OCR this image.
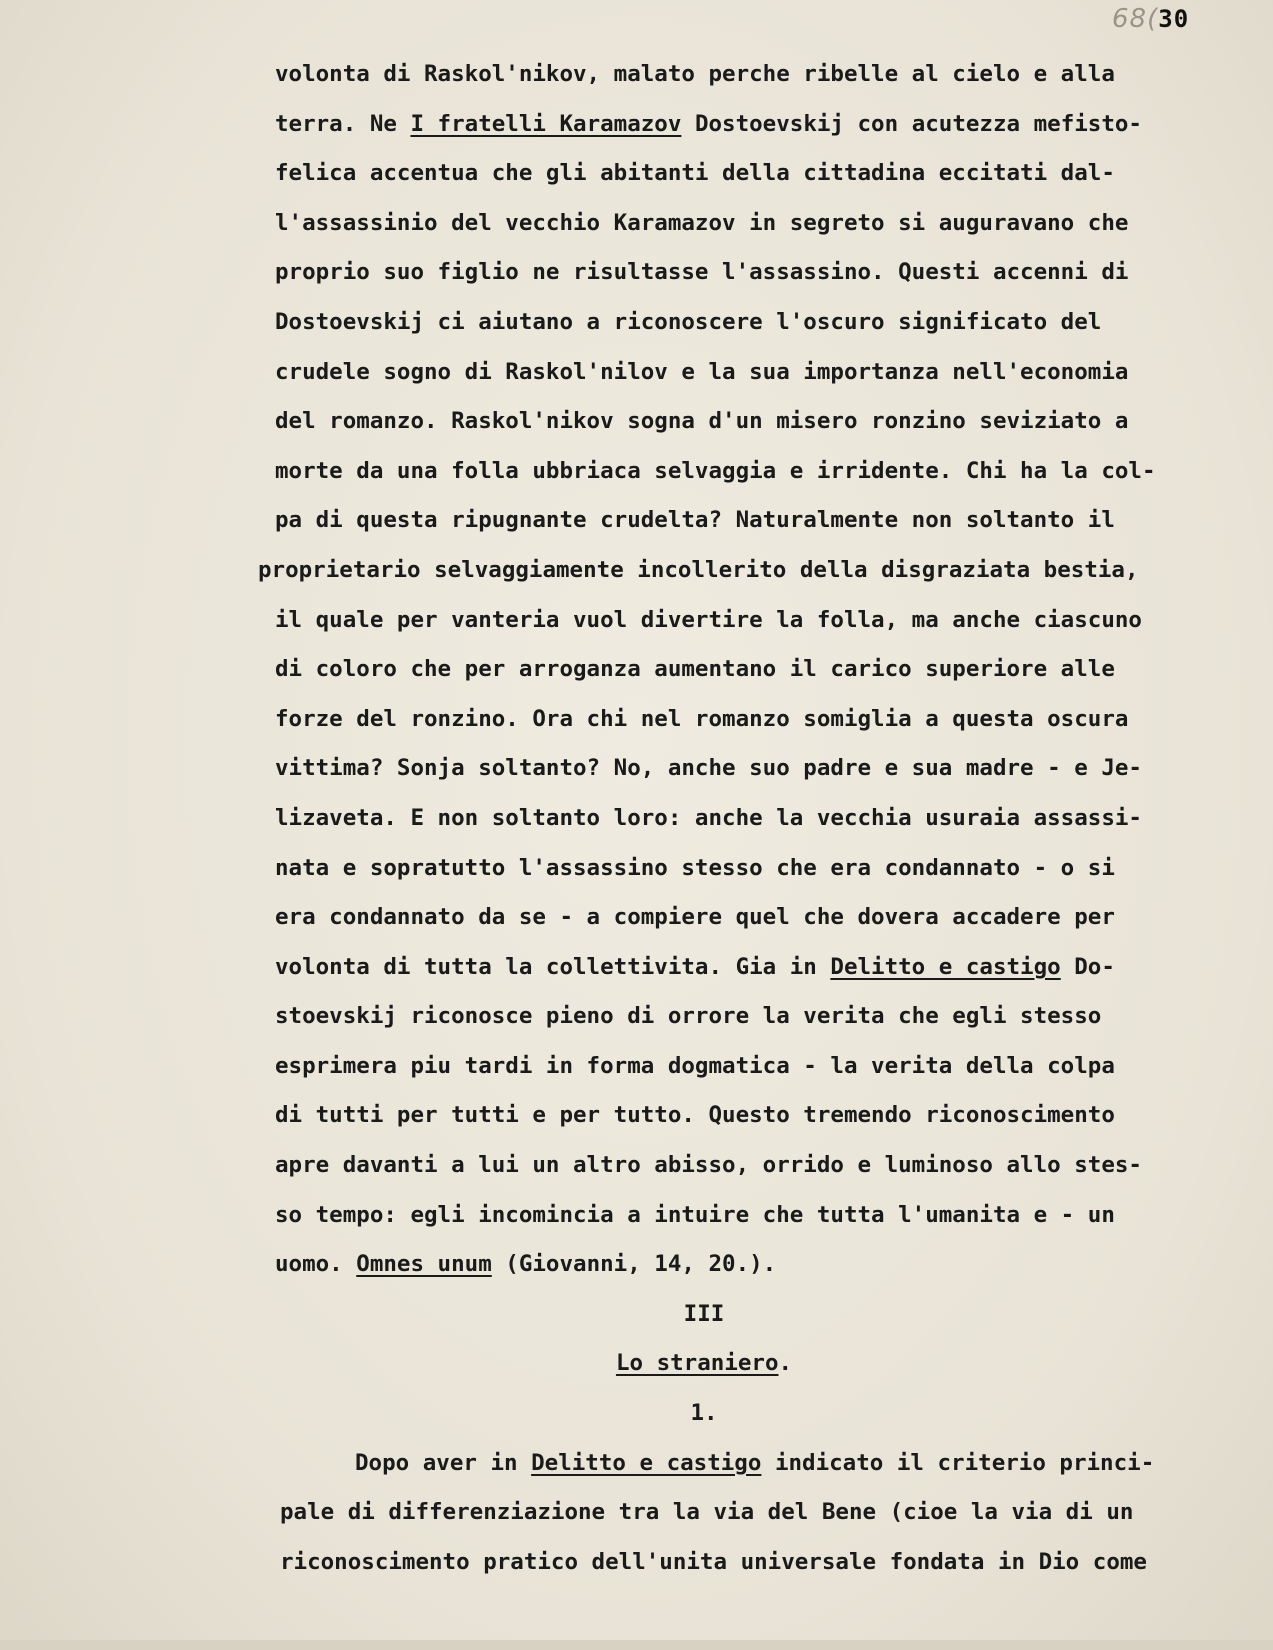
68(30
volonta di Raskol'nikov, malato perche ribelle al cielo e alla
terra. Ne I fratelli Karamazov Dostoevskij con acutezza mefisto-
felica accentua che gli abitanti della cittadina eccitati dal-
l'assassinio del vecchio Karamazov in segreto si auguravano che
proprio suo figlio ne risultasse l'assassino. Questi accenni di
Dostoevskij ci aiutano a riconoscere l'oscuro significato del
crudele sogno di Raskol'nilov e la sua importanza nell'economia
del romanzo. Raskol'nikov sogna d'un misero ronzino seviziato a
morte da una folla ubbriaca selvaggia e irridente. Chi ha la col-
pa di questa ripugnante crudelta? Naturalmente non soltanto il
proprietario selvaggiamente incollerito della disgraziata bestia,
il quale per vanteria vuol divertire la folla, ma anche ciascuno
di coloro che per arroganza aumentano il carico superiore alle
forze del ronzino. Ora chi nel romanzo somiglia a questa oscura
vittima? Sonja soltanto? No, anche suo padre e sua madre - e Je-
lizaveta. E non soltanto loro: anche la vecchia usuraia assassi-
nata e sopratutto l'assassino stesso che era condannato - o si
era condannato da se - a compiere quel che dovera accadere per
volonta di tutta la collettivita. Gia in Delitto e castigo Do-
stoevskij riconosce pieno di orrore la verita che egli stesso
esprimera piu tardi in forma dogmatica - la verita della colpa
di tutti per tutti e per tutto. Questo tremendo riconoscimento
apre davanti a lui un altro abisso, orrido e luminoso allo stes-
so tempo: egli incomincia a intuire che tutta l'umanita e - un
uomo. Omnes unum (Giovanni, 14, 20.).
III
Lo straniero.
1.
Dopo aver in Delitto e castigo indicato il criterio princi-
pale di differenziazione tra la via del Bene (cioe la via di un
riconoscimento pratico dell'unita universale fondata in Dio come
